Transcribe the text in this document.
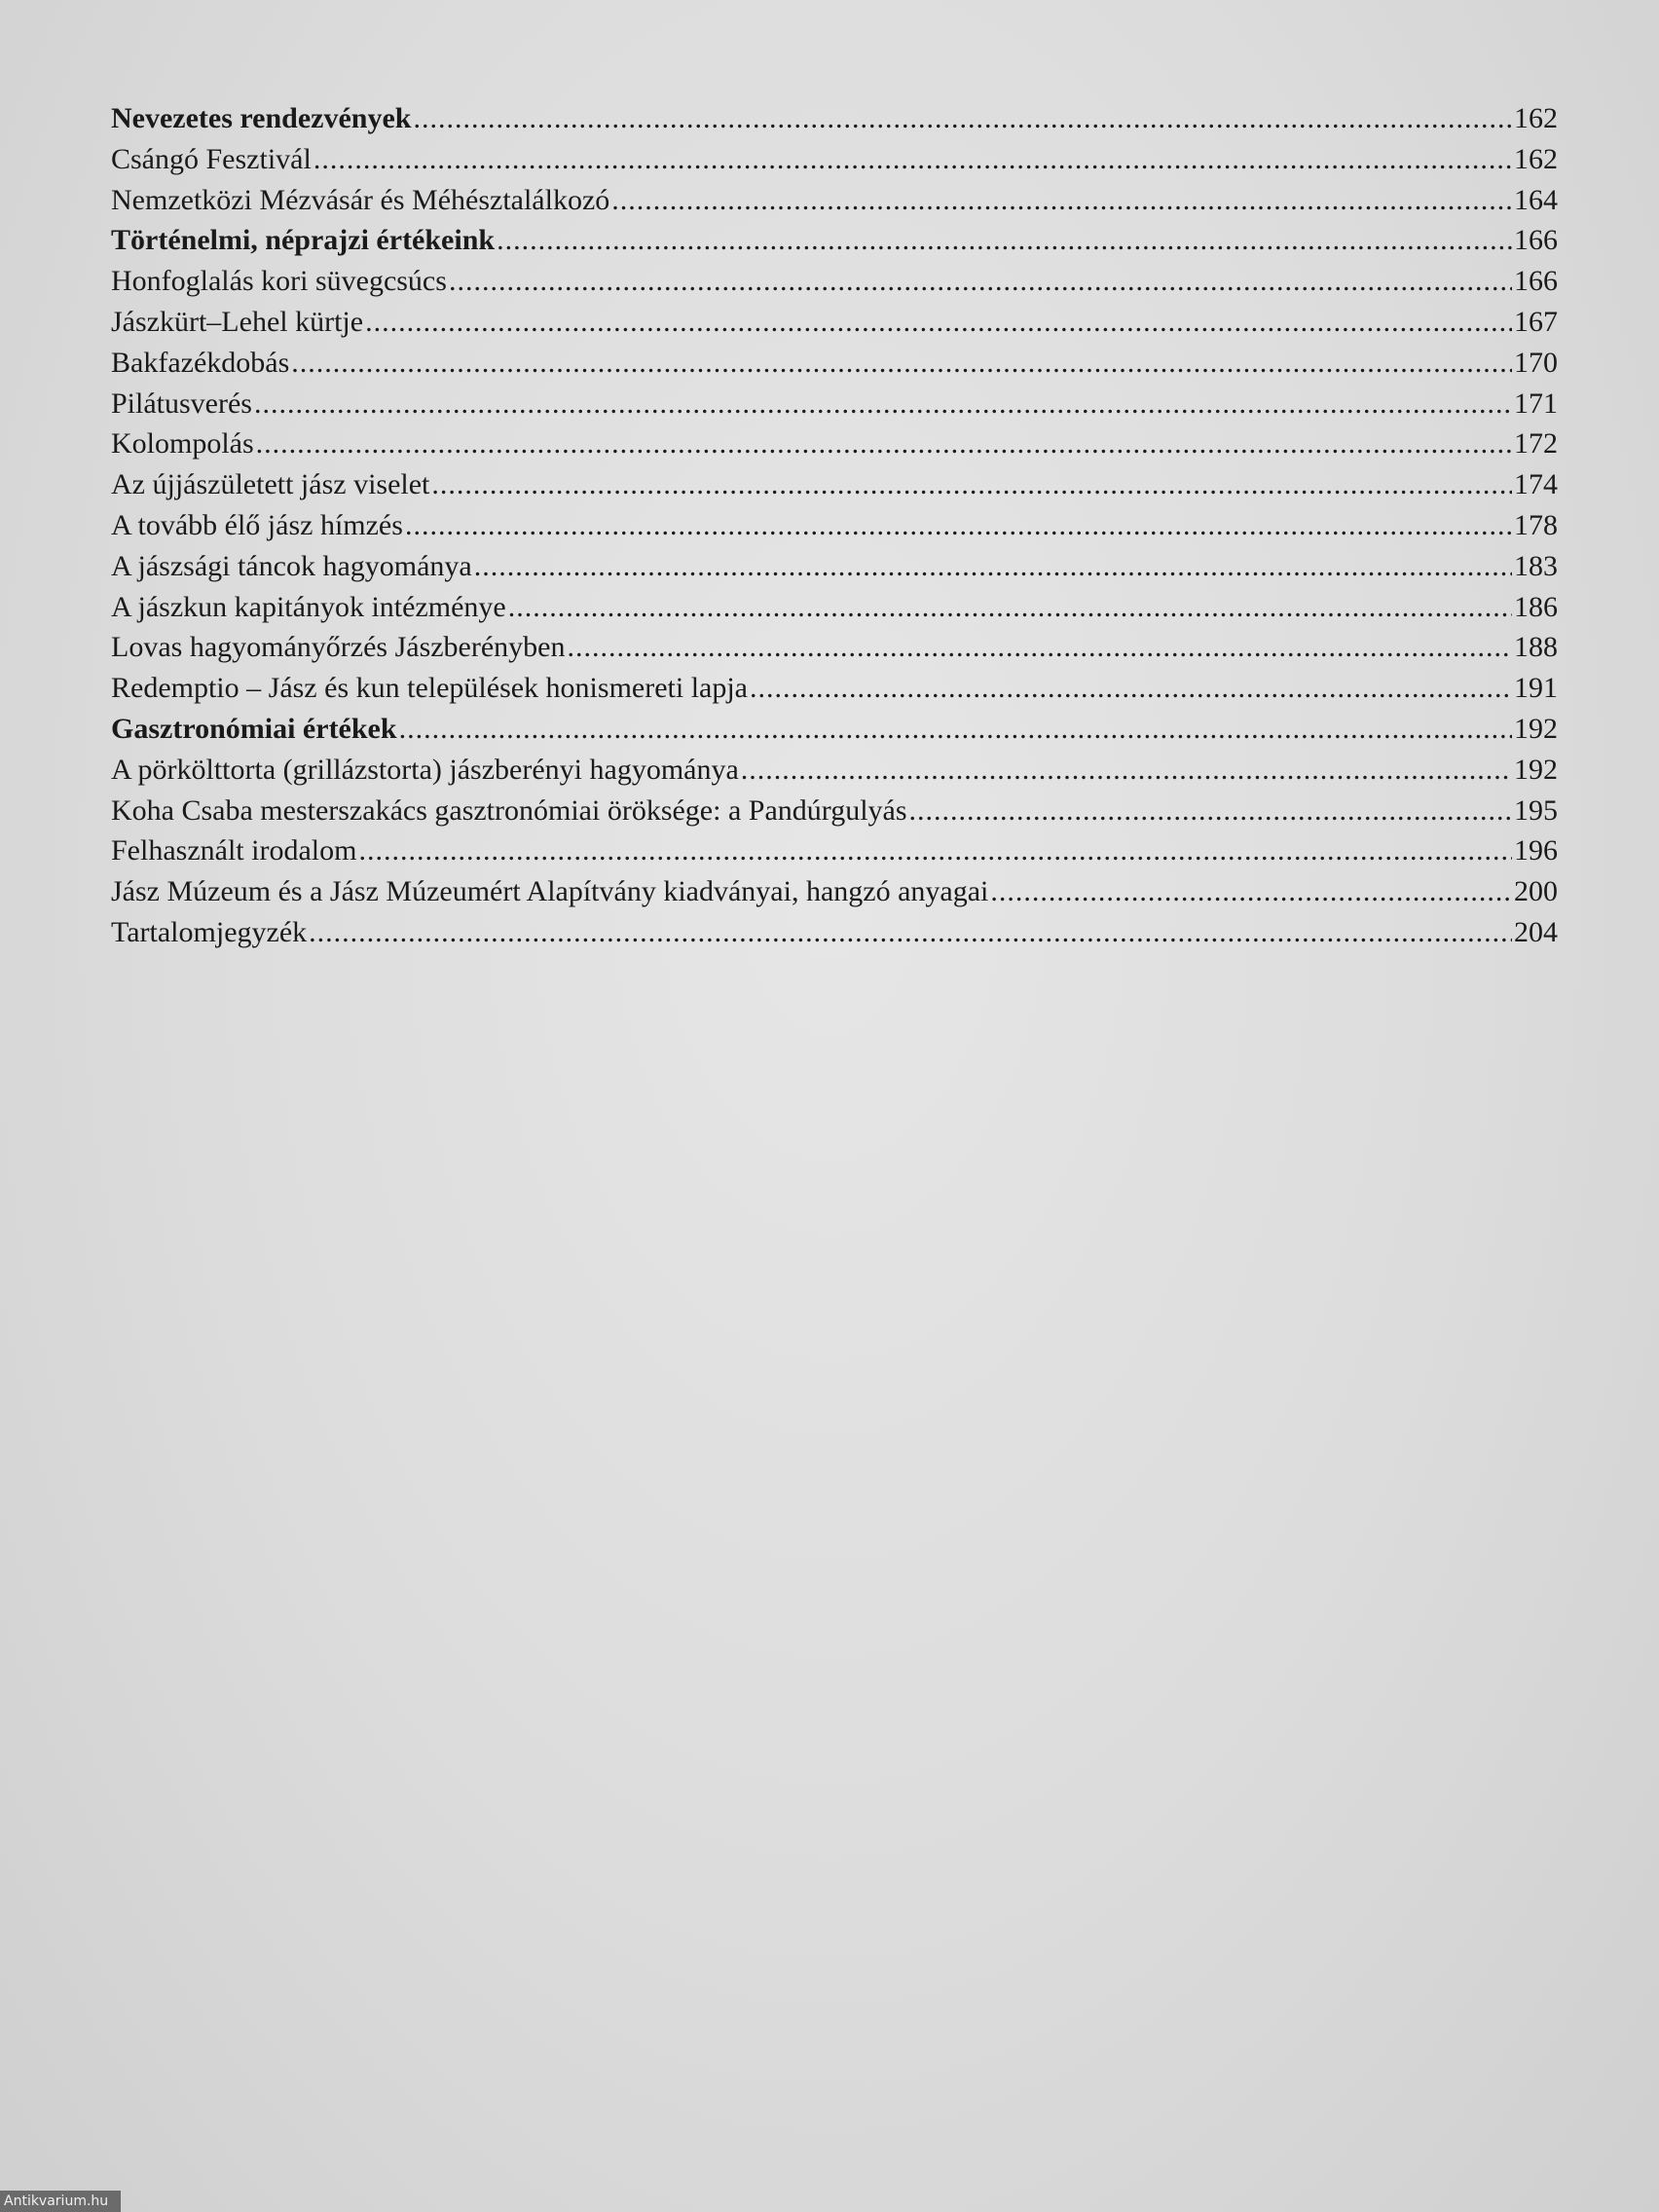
Nevezetes rendezvények .....	162
Csángó Fesztivál .....	162
Nemzetközi Mézvásár és Méhésztalálkozó .....	164
Történelmi, néprajzi értékeink .....	166
Honfoglalás kori süvegcsúcs .....	166
Jászkürt–Lehel kürtje .....	167
Bakfazékdobás .....	170
Pilátusverés .....	171
Kolompolás .....	172
Az újjászületett jász viselet .....	174
A tovább élő jász hímzés .....	178
A jászsági táncok hagyománya .....	183
A jászkun kapitányok intézménye .....	186
Lovas hagyományőrzés Jászberényben .....	188
Redemptio – Jász és kun települések honismereti lapja .....	191
Gasztronómiai értékek .....	192
A pörkölttorta (grillázstorta) jászberényi hagyománya .....	192
Koha Csaba mesterszakács gasztronómiai öröksége: a Pandúrgulyás .....	195
Felhasznált irodalom .....	196
Jász Múzeum és a Jász Múzeumért Alapítvány kiadványai, hangzó anyagai .....	200
Tartalomjegyzék .....	204
Antikvarium.hu
